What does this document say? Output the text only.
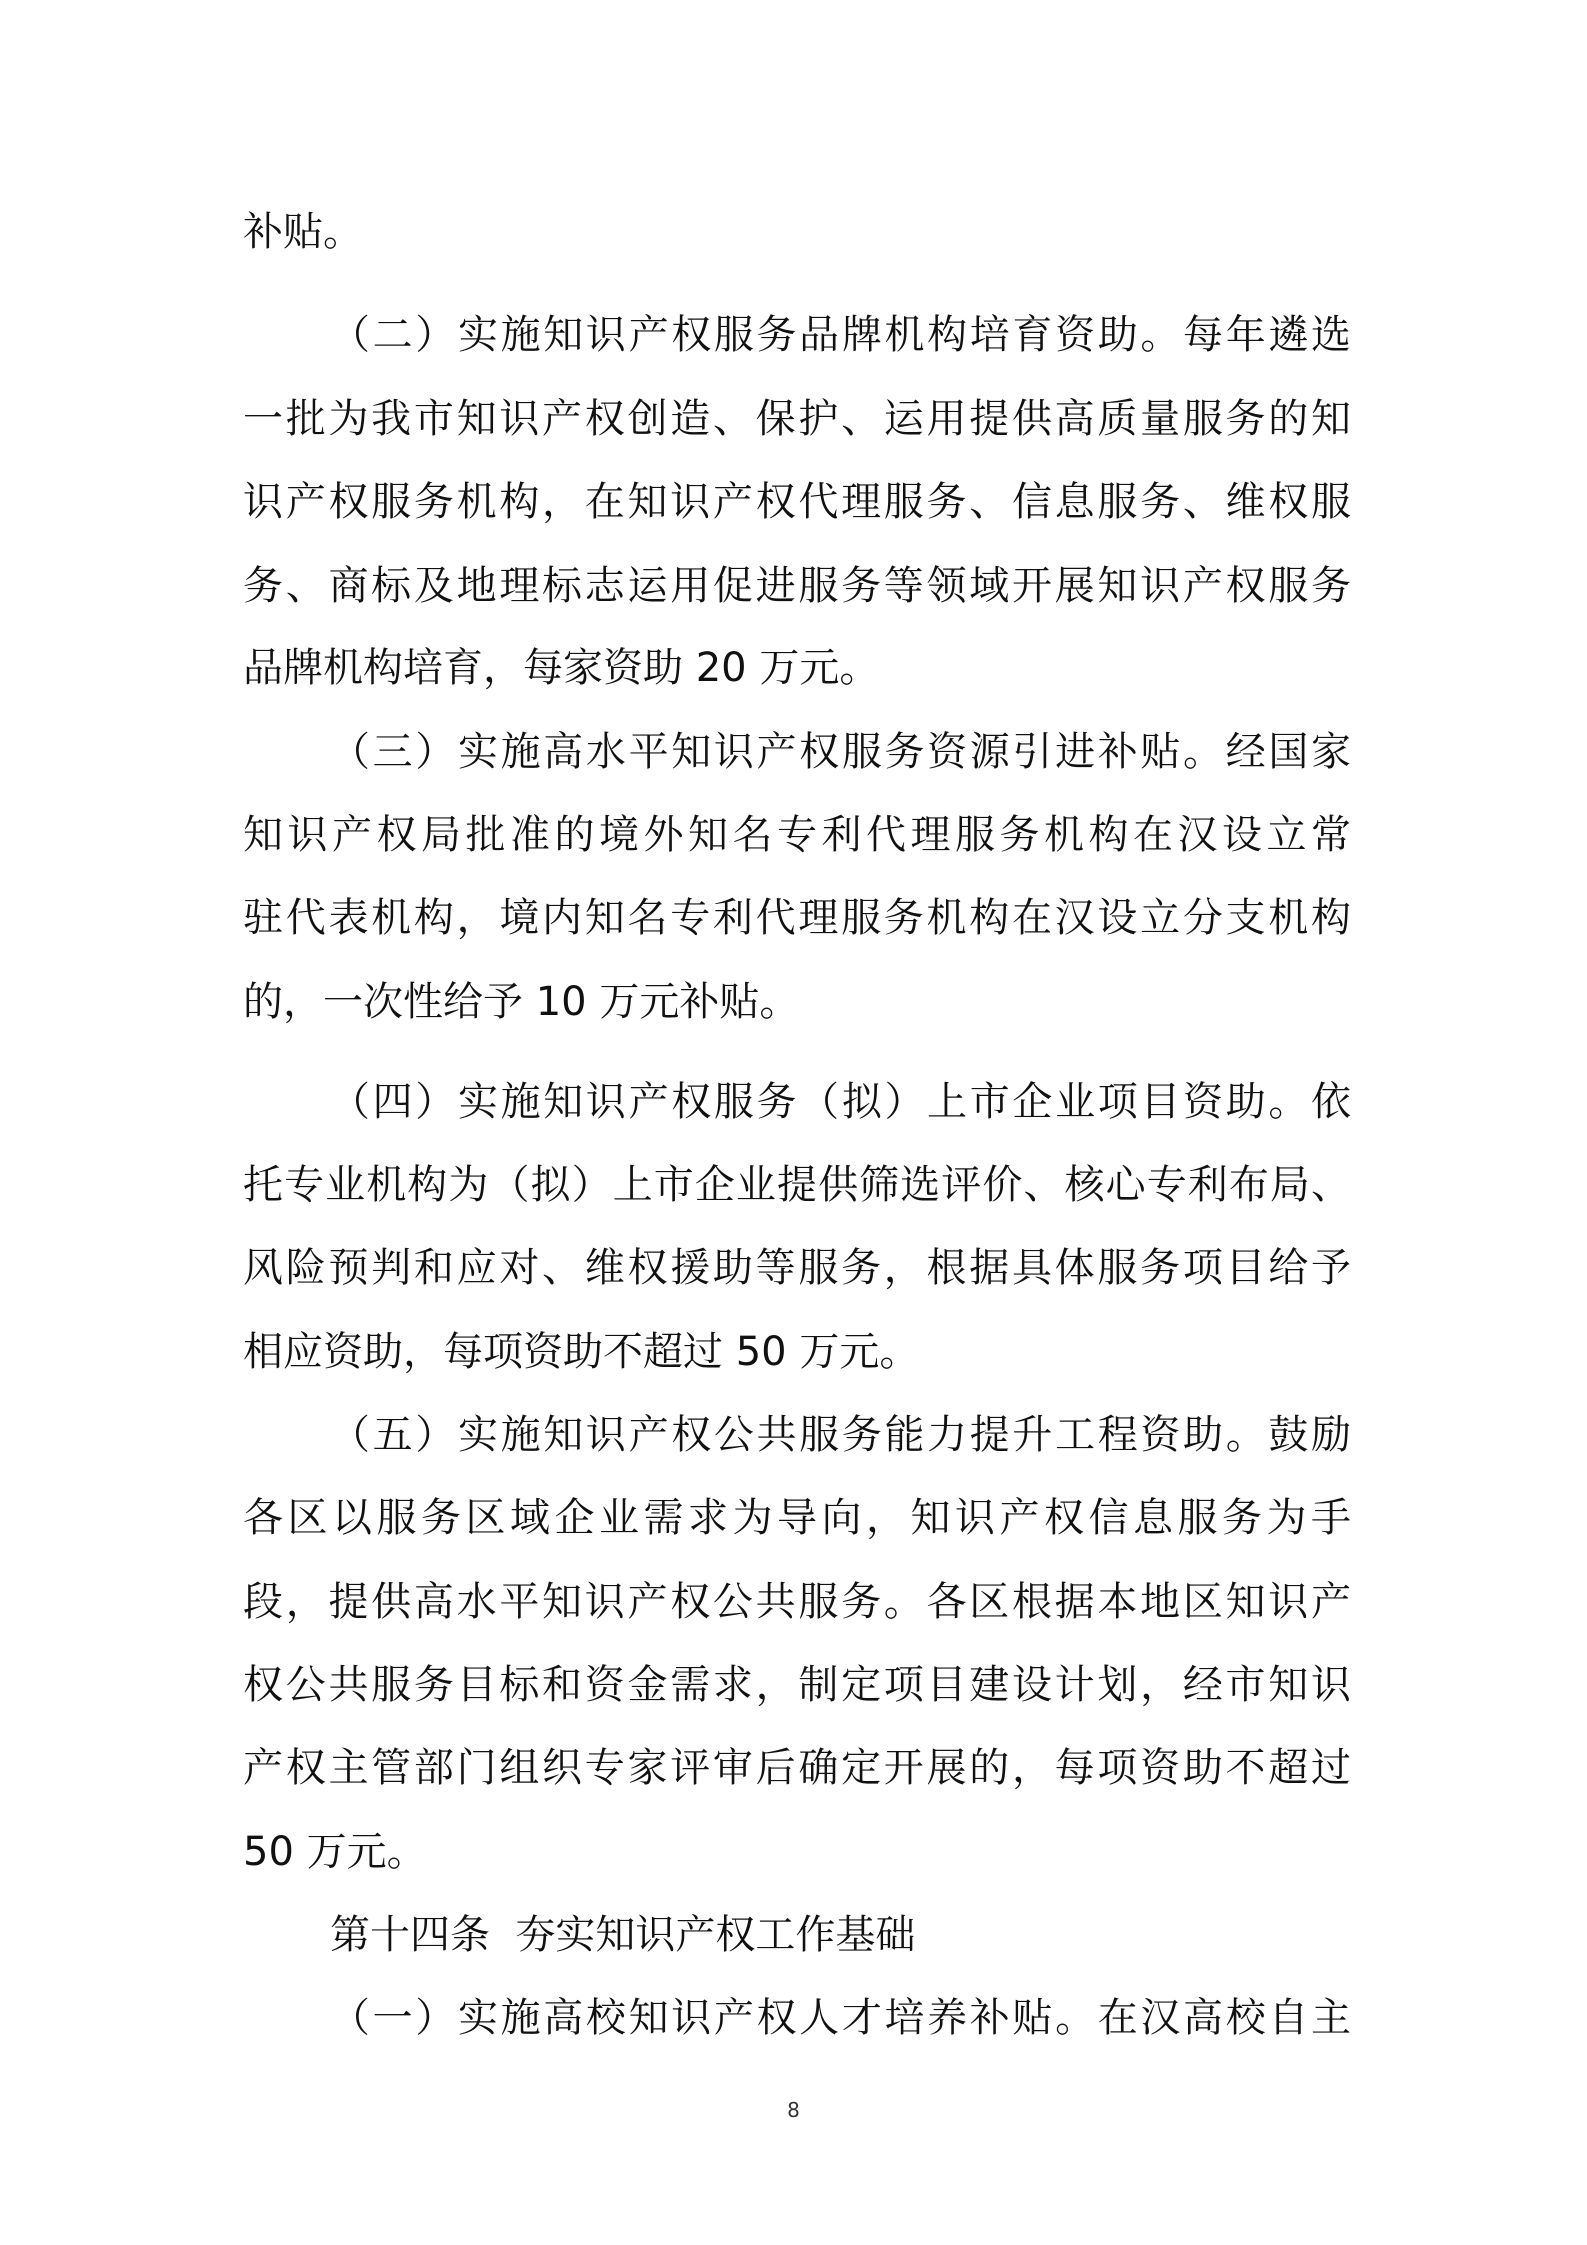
补贴。
（二）实施知识产权服务品牌机构培育资助。每年遴选
一批为我市知识产权创造、保护、运用提供高质量服务的知
识产权服务机构，在知识产权代理服务、信息服务、维权服
务、商标及地理标志运用促进服务等领域开展知识产权服务
品牌机构培育，每家资助 20 万元。
（三）实施高水平知识产权服务资源引进补贴。经国家
知识产权局批准的境外知名专利代理服务机构在汉设立常
驻代表机构，境内知名专利代理服务机构在汉设立分支机构
的，一次性给予 10 万元补贴。
（四）实施知识产权服务（拟）上市企业项目资助。依
托专业机构为（拟）上市企业提供筛选评价、核心专利布局、
风险预判和应对、维权援助等服务，根据具体服务项目给予
相应资助，每项资助不超过 50 万元。
（五）实施知识产权公共服务能力提升工程资助。鼓励
各区以服务区域企业需求为导向，知识产权信息服务为手
段，提供高水平知识产权公共服务。各区根据本地区知识产
权公共服务目标和资金需求，制定项目建设计划，经市知识
产权主管部门组织专家评审后确定开展的，每项资助不超过
50 万元。
第十四条  夯实知识产权工作基础
（一）实施高校知识产权人才培养补贴。在汉高校自主
8
